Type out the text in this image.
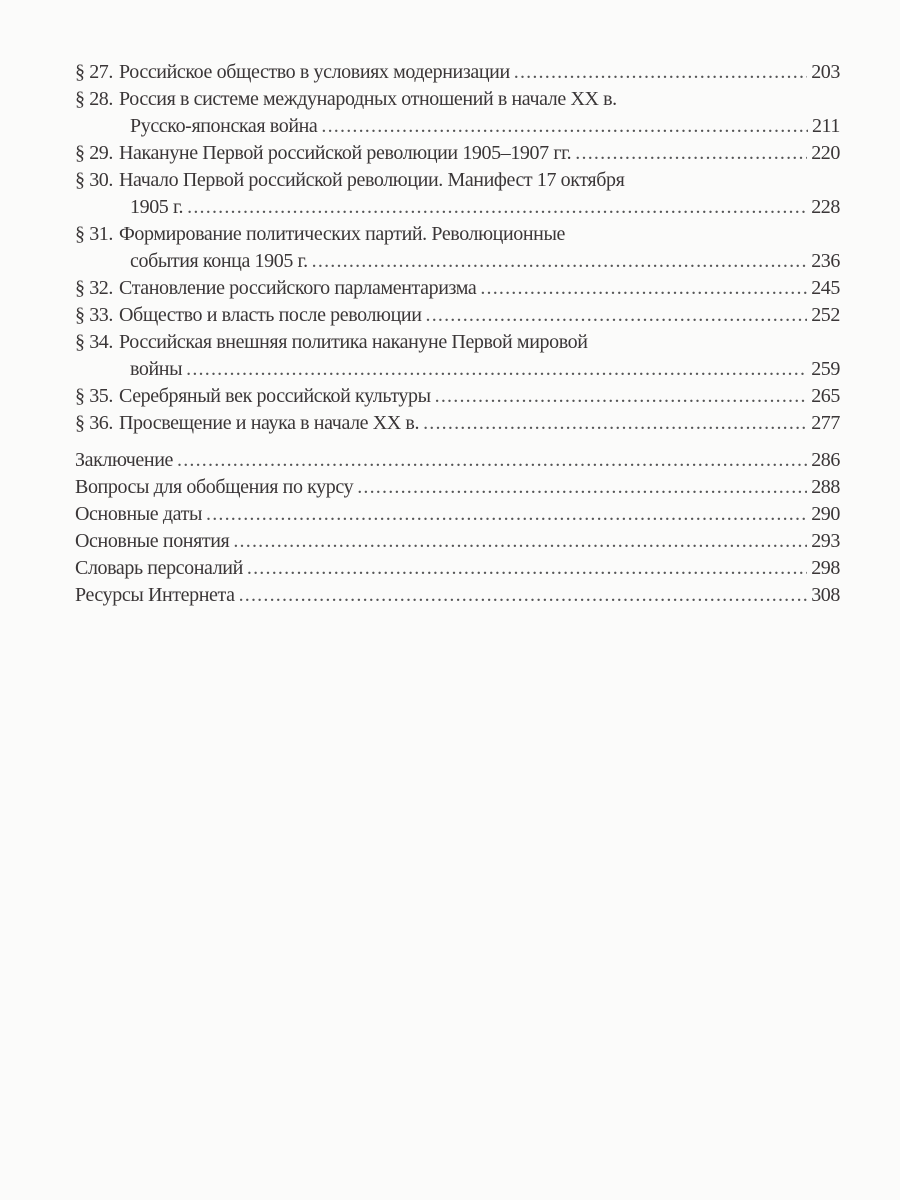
§ 27. Российское общество в условиях модернизации .....	203
§ 28. Россия в системе международных отношений в начале XX в.
Русско-японская война .....	211
§ 29. Накануне Первой российской революции 1905–1907 гг. .....	220
§ 30. Начало Первой российской революции. Манифест 17 октября
1905 г. .....	228
§ 31. Формирование политических партий. Революционные
события конца 1905 г. .....	236
§ 32. Становление российского парламентаризма .....	245
§ 33. Общество и власть после революции .....	252
§ 34. Российская внешняя политика накануне Первой мировой
войны .....	259
§ 35. Серебряный век российской культуры .....	265
§ 36. Просвещение и наука в начале XX в. .....	277
Заключение .....	286
Вопросы для обобщения по курсу .....	288
Основные даты .....	290
Основные понятия .....	293
Словарь персоналий .....	298
Ресурсы Интернета .....	308
